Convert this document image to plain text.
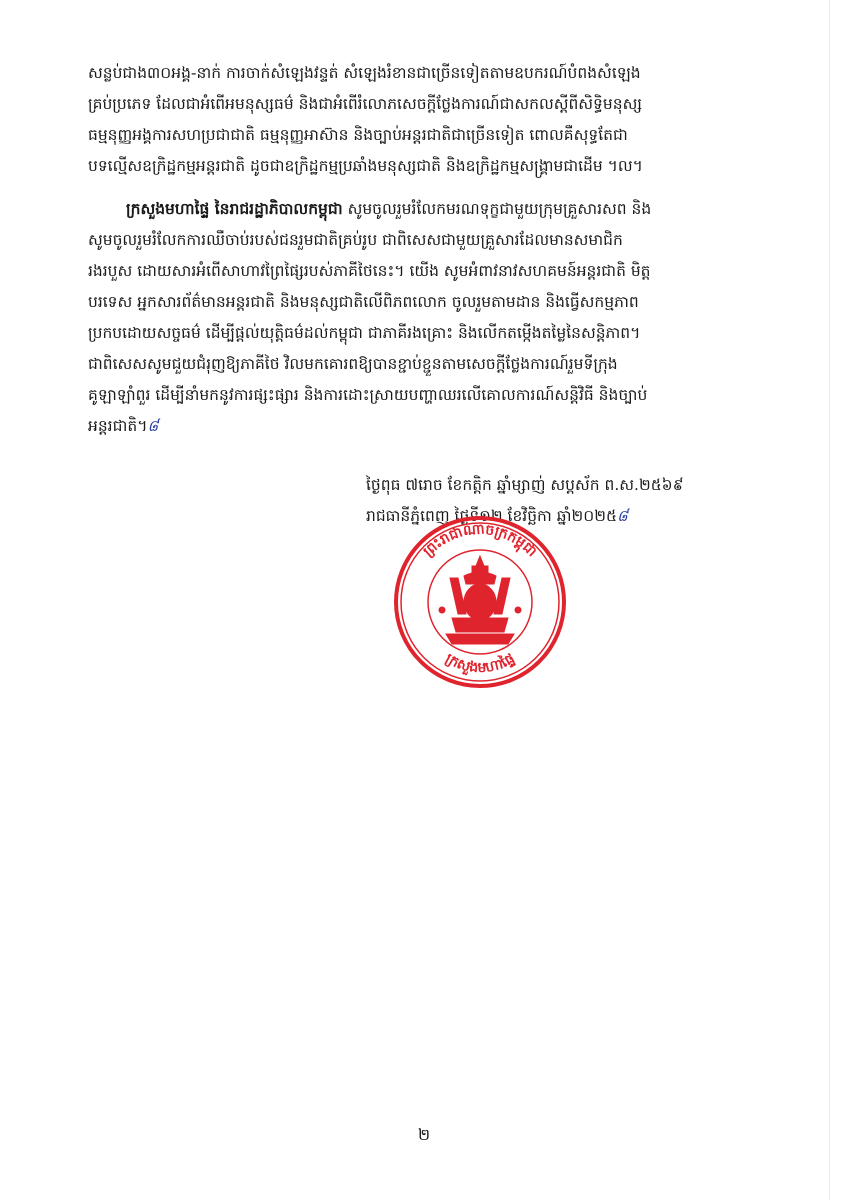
សន្លប់ជាង៣០អង្គ-នាក់ ការចាក់សំឡេងវន្ទត់ សំឡេងរំខានជាច្រើនទៀតតាមឧបករណ៍បំពងសំឡេង
គ្រប់ប្រភេទ ដែលជាអំពើអមនុស្សធម៌ និងជាអំពើរំលោភសេចក្តីថ្លែងការណ៍ជាសកលស្តីពីសិទ្ធិមនុស្ស
ធម្មនុញ្ញអង្គការសហប្រជាជាតិ ធម្មនុញ្ញអាស៊ាន និងច្បាប់អន្តរជាតិជាច្រើនទៀត ពោលគឺសុទ្ធតែជា
បទល្មើសឧក្រិដ្ឋកម្មអន្តរជាតិ ដូចជាឧក្រិដ្ឋកម្មប្រឆាំងមនុស្សជាតិ និងឧក្រិដ្ឋកម្មសង្គ្រាមជាដើម ។ល។
ក្រសួងមហាផ្ទៃ នៃរាជរដ្ឋាភិបាលកម្ពុជា សូមចូលរួមរំលែកមរណទុក្ខជាមួយក្រុមគ្រួសារសព និង
សូមចូលរួមរំលែកការឈឺចាប់របស់ជនរួមជាតិគ្រប់រូប ជាពិសេសជាមួយគ្រួសារដែលមានសមាជិក
រងរបួស ដោយសារអំពើសាហាវព្រៃផ្សៃរបស់ភាគីថៃនេះ។ យើង សូមអំពាវនាវសហគមន៍អន្តរជាតិ មិត្ត
បរទេស អ្នកសារព័ត៌មានអន្តរជាតិ និងមនុស្សជាតិលើពិភពលោក ចូលរួមតាមដាន និងធ្វើសកម្មភាព
ប្រកបដោយសច្ចធម៌ ដើម្បីផ្តល់យុត្តិធម៌ដល់កម្ពុជា ជាភាគីរងគ្រោះ និងលើកតម្កើងតម្លៃនៃសន្តិភាព។
ជាពិសេសសូមជួយជំរុញឱ្យភាគីថៃ វិលមកគោរពឱ្យបានខ្ជាប់ខ្ជួនតាមសេចក្តីថ្លែងការណ៍រួមទីក្រុង
គូឡាឡាំពួរ ដើម្បីនាំមកនូវការផ្សះផ្សារ និងការដោះស្រាយបញ្ហាឈរលើគោលការណ៍សន្តិវិធី និងច្បាប់
អន្តរជាតិ។៨
ថ្ងៃពុធ ៧រោច ខែកត្តិក ឆ្នាំម្សាញ់ សប្តស័ក ព.ស.២៥៦៩
រាជធានីភ្នំពេញ ថ្ងៃទី១២ ខែវិច្ឆិកា ឆ្នាំ២០២៥៨
ព្រះរាជាណាចក្រកម្ពុជា
ក្រសួងមហាផ្ទៃ
២
